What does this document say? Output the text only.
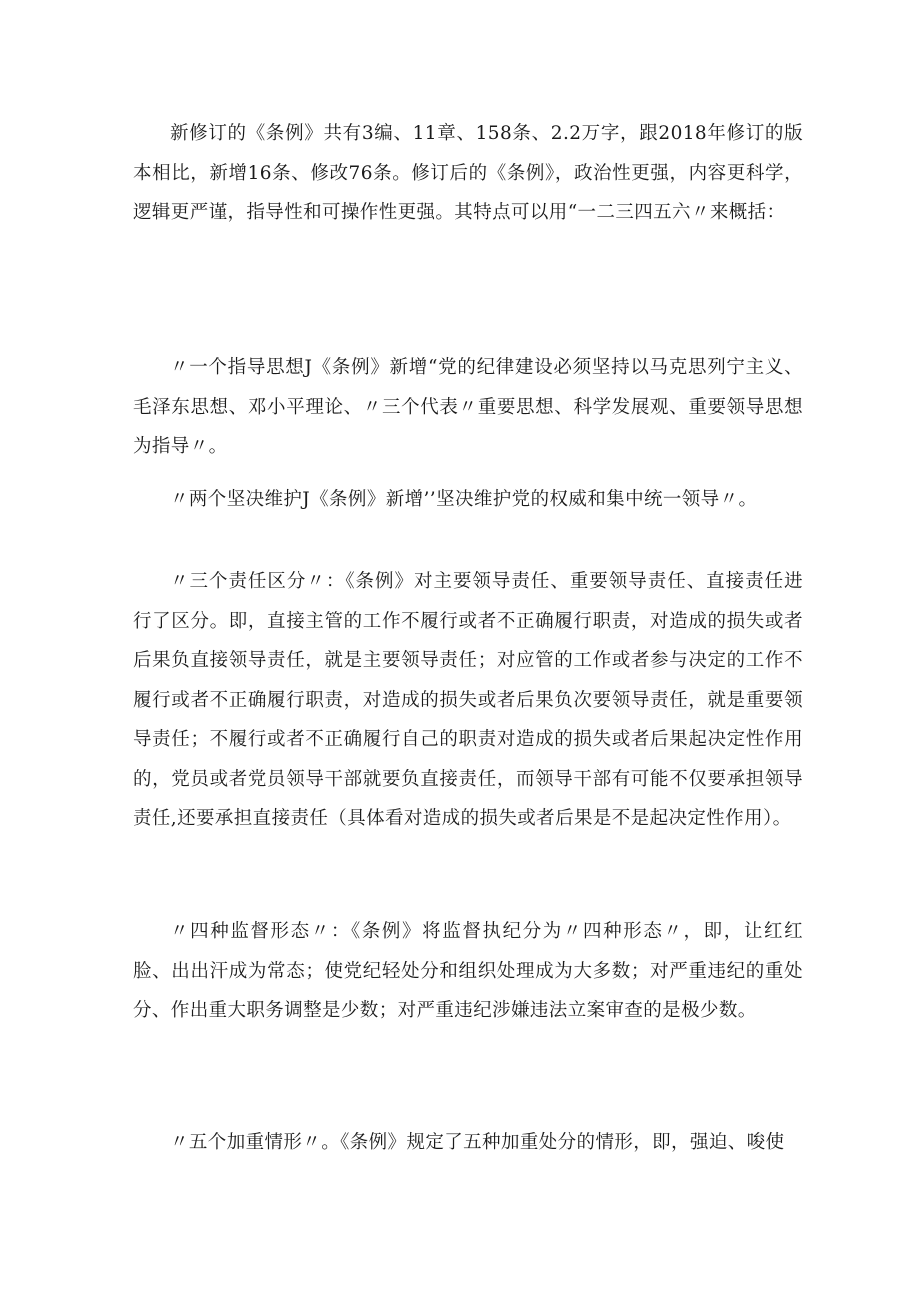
新修订的《条例》共有3编、11章、158条、2.2万字，跟2018年修订的版本相比，新增16条、修改76条。修订后的《条例》，政治性更强，内容更科学，逻辑更严谨，指导性和可操作性更强。其特点可以用“一二三四五六〃来概括：

〃一个指导思想J《条例》新增“党的纪律建设必须坚持以马克思列宁主义、毛泽东思想、邓小平理论、〃三个代表〃重要思想、科学发展观、重要领导思想为指导〃。

〃两个坚决维护J《条例》新增’’坚决维护党的权威和集中统一领导〃。

〃三个责任区分〃：《条例》对主要领导责任、重要领导责任、直接责任进行了区分。即，直接主管的工作不履行或者不正确履行职责，对造成的损失或者后果负直接领导责任，就是主要领导责任；对应管的工作或者参与决定的工作不履行或者不正确履行职责，对造成的损失或者后果负次要领导责任，就是重要领导责任；不履行或者不正确履行自己的职责对造成的损失或者后果起决定性作用的，党员或者党员领导干部就要负直接责任，而领导干部有可能不仅要承担领导责任,还要承担直接责任（具体看对造成的损失或者后果是不是起决定性作用）。

〃四种监督形态〃：《条例》将监督执纪分为〃四种形态〃，即，让红红脸、出出汗成为常态；使党纪轻处分和组织处理成为大多数；对严重违纪的重处分、作出重大职务调整是少数；对严重违纪涉嫌违法立案审查的是极少数。

〃五个加重情形〃。《条例》规定了五种加重处分的情形，即，强迫、唆使
